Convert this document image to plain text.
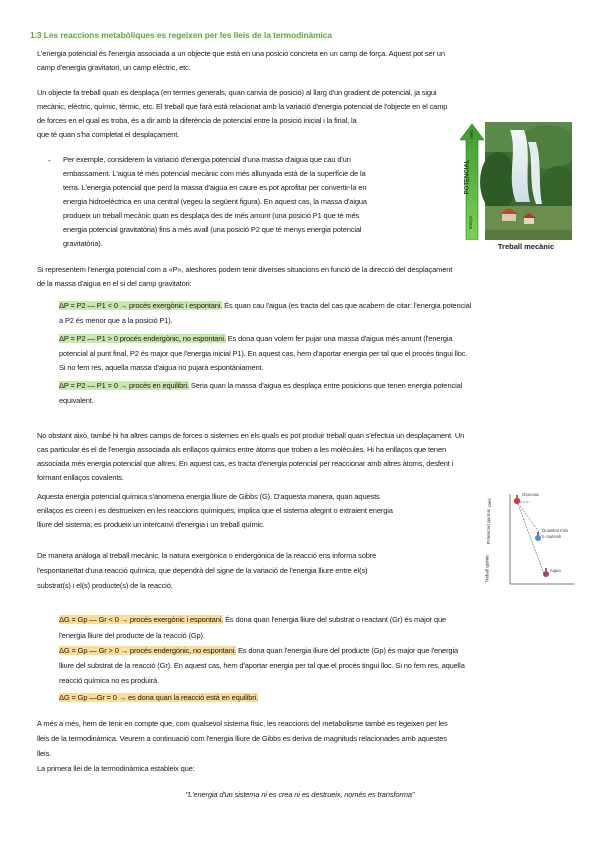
1.3 Les reaccions metabòliques es regeixen per les lleis de la termodinàmica

L'energia potencial és l'energia associada a un objecte que està en una posició concreta en un camp de força. Aquest pot ser un

camp d'energia gravitatori, un camp elèctric, etc.

Un objecte fa treball quan es desplaça (en termes generals, quan canvia de posició) al llarg d'un gradient de potencial, ja sigui

mecànic, elèctric, químic, tèrmic, etc. El treball que farà està relacionat amb la variació d'energia potencial de l'objecte en el camp

de forces en el qual es troba, és a dir amb la diferència de potencial entre la posició inicial i la final, la

que té quan s'ha completat el desplaçament.

- Per exemple, considerem la variació d'energia potencial d'una massa d'aigua que cau d'un

embassament. L'aigua té més potencial mecànic com més allunyada està de la superfície de la

terra. L'energia potencial que perd la massa d'aigua en caure es pot aprofitar per convertir-la en

energia hidroelèctrica en una central (vegeu la següent figura). En aquest cas, la massa d'aigua

produeix un treball mecànic quan es desplaça des de més amunt (una posició P1 que té més

energia potencial gravitatòria) fins a més avall (una posició P2 que té menys energia potencial

gravitatòria).

POTENCIAL
més
menys
Treball mecànic

Si representem l'energia potencial com a «P», aleshores podem tenir diverses situacions en funció de la direcció del desplaçament

de la massa d'aigua en el si del camp gravitatori:

ΔP = P2 — P1 < 0 → procés exergònic i espontani. És quan cau l'aigua (es tracta del cas que acabem de citar: l'energia potencial

a P2 és menor que a la posició P1).

ΔP = P2 — P1 > 0 procés endergònic, no espontani. Es dona quan volem fer pujar una massa d'aigua més amunt (l'energia

potencial al punt final, P2 és major que l'energia inicial P1). En aquest cas, hem d'aportar energia per tal que el procés tingui lloc.

Si no fem res, aquella massa d'aigua no pujarà espontàniament.

ΔP = P2 — P1 = 0 → procés en equilibri. Seria quan la massa d'aigua es desplaça entre posicions que tenen energia potencial

equivalent.

No obstant això, també hi ha altres camps de forces o sistemes en els quals es pot produir treball quan s'efectua un desplaçament. Un

cas particular és el de l'energia associada als enllaços químics entre àtoms que troben a les molècules. Hi ha enllaços que tenen

associada més energia potencial que altres. En aquest cas, es tracta d'energia potencial per reaccionar amb altres àtoms, desfent i

formant enllaços covalents.

Aquesta energia potencial química s'anomena energia lliure de Gibbs (G). D'aquesta manera, quan aquests

enllaços es creen i es destrueixen en les reaccions químiques, implica que el sistema afegint o extraient energia

lliure del sistema; es produeix un intercanvi d'energia i un treball químic.

De manera anàloga al treball mecànic, la natura exergònica o endergònica de la reacció ens informa sobre

l'espontaneïtat d'una reacció química, que dependrà del signe de la variació de l'energia lliure entre el(s)

substrat(s) i el(s) producte(s) de la reacció.

Potencial químic
més
Treball químic
Glucosa
Quantitat més
o coulomb
Aigua

ΔG = Gp — Gr < 0 → procés exergònic i espontani. És dona quan l'energia lliure del substrat o reactant (Gr) és major que

l'energia lliure del producte de la reacció (Gp).

ΔG = Gp — Gr > 0 → procés endergònic, no espontani. Es dona quan l'energia lliure del producte (Gp) és major que l'energia

lliure del substrat de la reacció (Gr). En aquest cas, hem d'aportar energia per tal que el procés tingui lloc. Si no fem res, aquella

reacció química no es produirà.

ΔG = Gp —Gr = 0 → es dona quan la reacció està en equilibri.

A més a més, hem de tenir en compte que, com qualsevol sistema físic, les reaccions del metabolisme també es regeixen per les

lleis de la termodinàmica. Veurem a continuació com l'energia lliure de Gibbs es deriva de magnituds relacionades amb aquestes

lleis.

La primera llei de la termodinàmica estableix que:

"L'energia d'un sistema ni es crea ni es destrueix, només es transforma"
